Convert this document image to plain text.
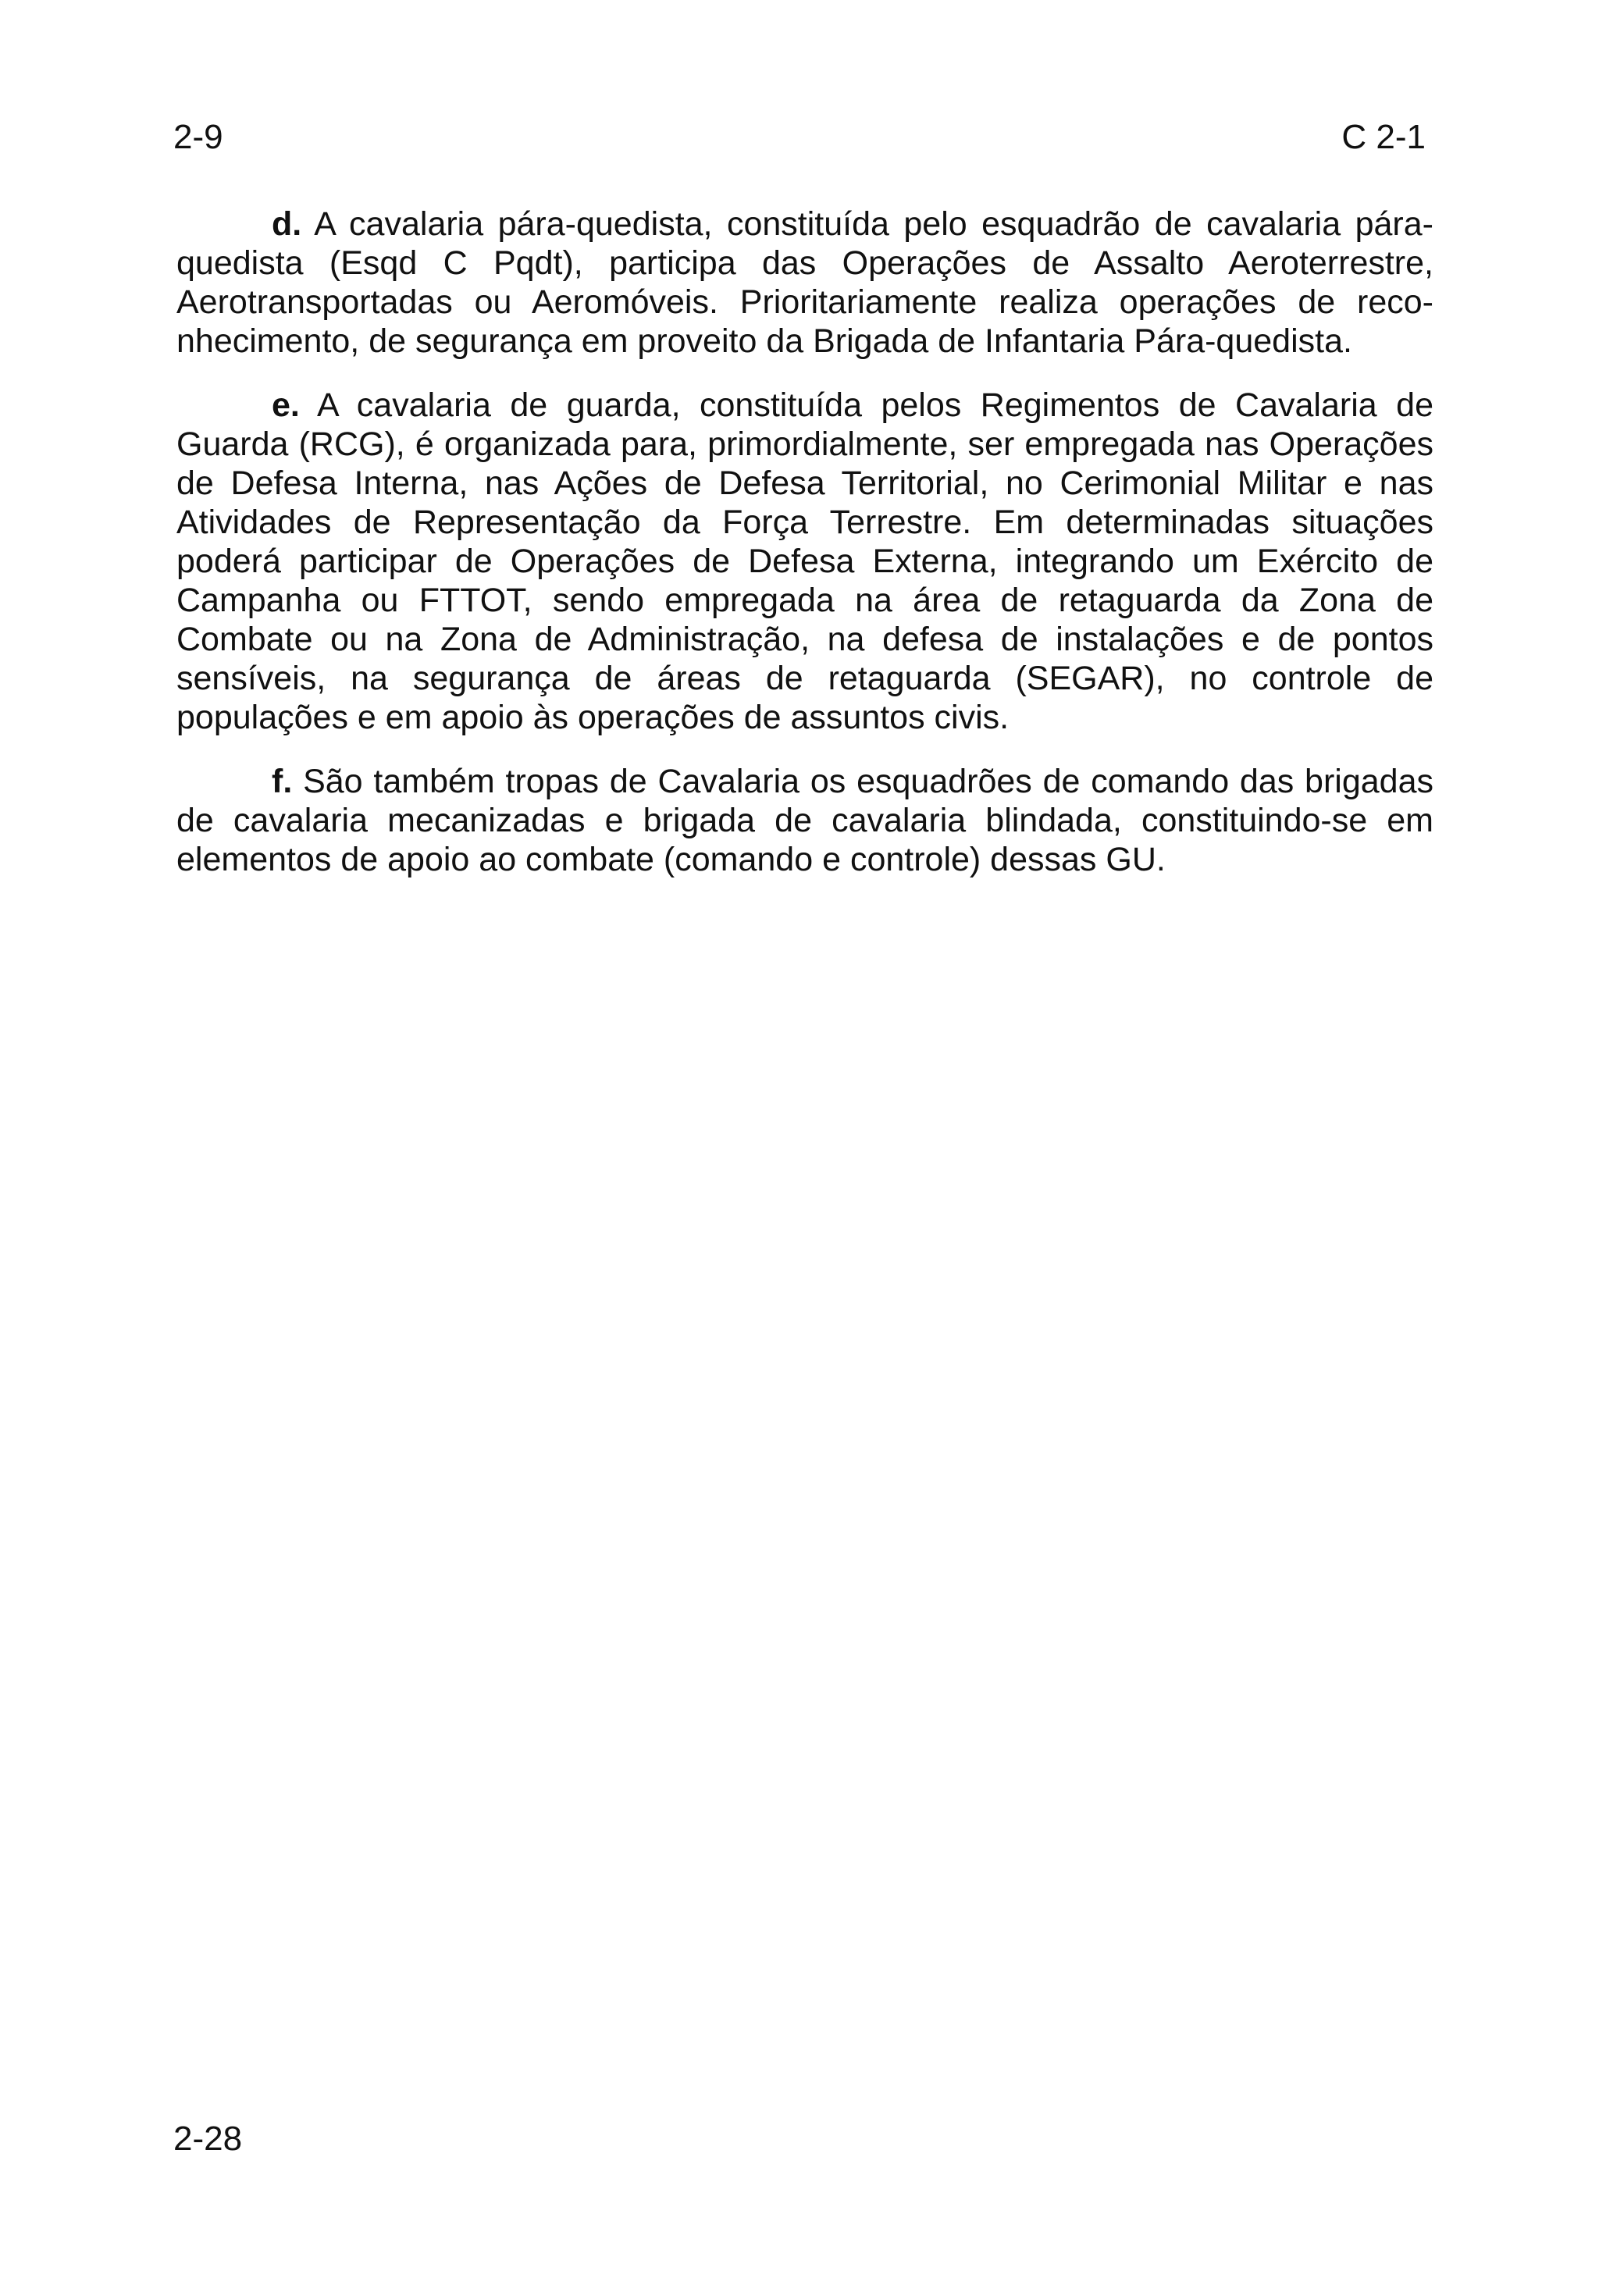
2-9	C 2-1

d. A cavalaria pára-quedista, constituída pelo esquadrão de cavalaria pára-quedista (Esqd C Pqdt), participa das Operações de Assalto Aeroterrestre, Aerotransportadas ou Aeromóveis. Prioritariamente realiza operações de reconhecimento, de segurança em proveito da Brigada de Infantaria Pára-quedista.

e. A cavalaria de guarda, constituída pelos Regimentos de Cavalaria de Guarda (RCG), é organizada para, primordialmente, ser empregada nas Operações de Defesa Interna, nas Ações de Defesa Territorial, no Cerimonial Militar e nas Atividades de Representação da Força Terrestre. Em determinadas situações poderá participar de Operações de Defesa Externa, integrando um Exército de Campanha ou FTTOT, sendo empregada na área de retaguarda da Zona de Combate ou na Zona de Administração, na defesa de instalações e de pontos sensíveis, na segurança de áreas de retaguarda (SEGAR), no controle de populações e em apoio às operações de assuntos civis.

f. São também tropas de Cavalaria os esquadrões de comando das brigadas de cavalaria mecanizadas e brigada de cavalaria blindada, constituindo-se em elementos de apoio ao combate (comando e controle) dessas GU.

2-28
